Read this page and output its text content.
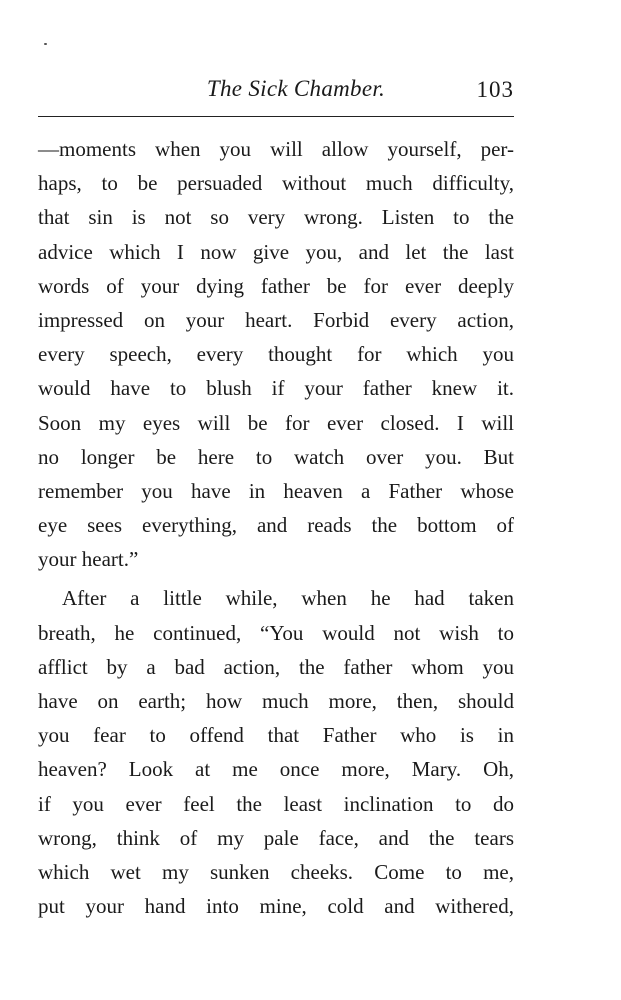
The Sick Chamber.	103
—moments when you will allow yourself, per-
haps, to be persuaded without much difficulty,
that sin is not so very wrong. Listen to the
advice which I now give you, and let the last
words of your dying father be for ever deeply
impressed on your heart. Forbid every action,
every speech, every thought for which you
would have to blush if your father knew it.
Soon my eyes will be for ever closed. I will
no longer be here to watch over you. But
remember you have in heaven a Father whose
eye sees everything, and reads the bottom of
your heart.”
After a little while, when he had taken
breath, he continued, “You would not wish to
afflict by a bad action, the father whom you
have on earth; how much more, then, should
you fear to offend that Father who is in
heaven? Look at me once more, Mary. Oh,
if you ever feel the least inclination to do
wrong, think of my pale face, and the tears
which wet my sunken cheeks. Come to me,
put your hand into mine, cold and withered,
